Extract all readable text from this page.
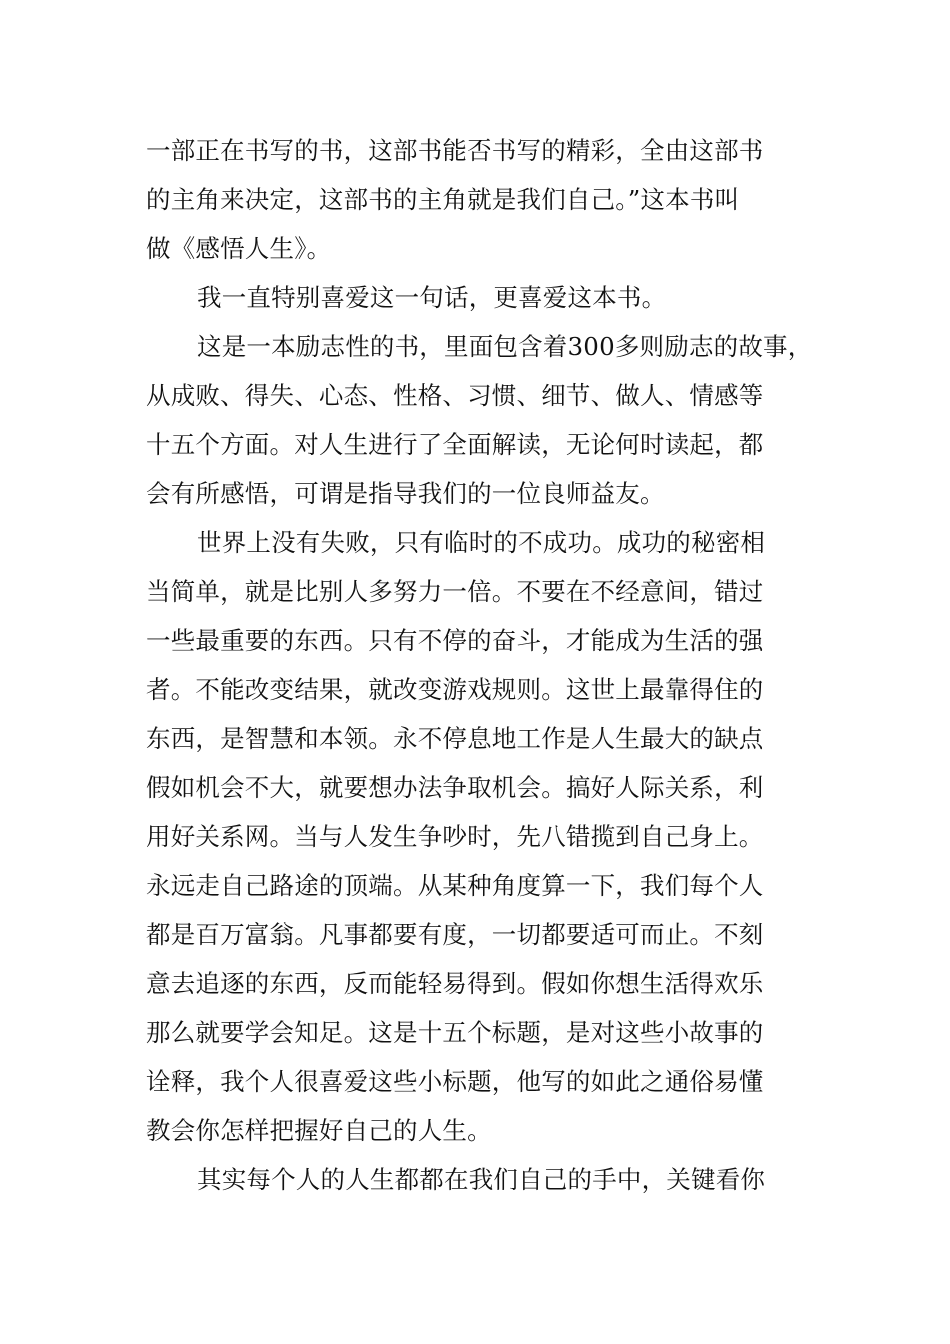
一部正在书写的书，这部书能否书写的精彩，全由这部书
的主角来决定，这部书的主角就是我们自己。”这本书叫
做《感悟人生》。
我一直特别喜爱这一句话，更喜爱这本书。
这是一本励志性的书，里面包含着300多则励志的故事，
从成败、得失、心态、性格、习惯、细节、做人、情感等
十五个方面。对人生进行了全面解读，无论何时读起，都
会有所感悟，可谓是指导我们的一位良师益友。
世界上没有失败，只有临时的不成功。成功的秘密相
当简单，就是比别人多努力一倍。不要在不经意间，错过
一些最重要的东西。只有不停的奋斗，才能成为生活的强
者。不能改变结果，就改变游戏规则。这世上最靠得住的
东西，是智慧和本领。永不停息地工作是人生最大的缺点
假如机会不大，就要想办法争取机会。搞好人际关系，利
用好关系网。当与人发生争吵时，先八错揽到自己身上。
永远走自己路途的顶端。从某种角度算一下，我们每个人
都是百万富翁。凡事都要有度，一切都要适可而止。不刻
意去追逐的东西，反而能轻易得到。假如你想生活得欢乐
那么就要学会知足。这是十五个标题，是对这些小故事的
诠释，我个人很喜爱这些小标题，他写的如此之通俗易懂
教会你怎样把握好自己的人生。
其实每个人的人生都都在我们自己的手中，关键看你
